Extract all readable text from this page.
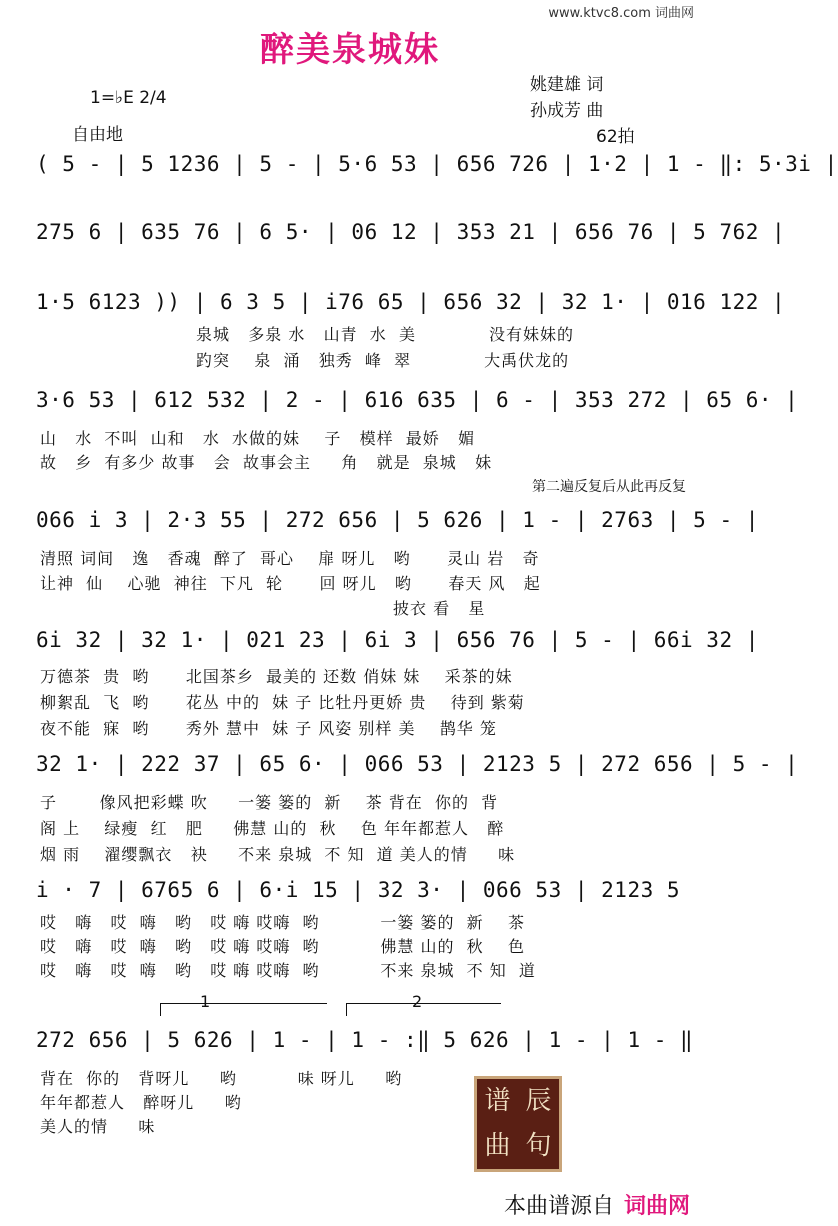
www.ktvc8.com 词曲网
醉美泉城妹
1=♭E 2/4
自由地
姚建雄 词
孙成芳 曲
62拍
( 5 - | 5 1236 | 5 - | 5·6 53 | 656 726 | 1·2 | 1 - ‖: 5·3i |
275 6 | 635 76 | 6 5· | 06 12 | 353 21 | 656 76 | 5 762 |
1·5 6123 )) | 6 3 5 | i76 65 | 656 32 | 32 1· | 016 122 |
泉城   多泉 水   山青  水  美            没有妹妹的
趵突    泉  涌   独秀  峰  翠            大禹伏龙的
3·6 53 | 612 532 | 2 - | 616 635 | 6 - | 353 272 | 65 6· |
山   水  不叫  山和   水  水做的妹    子   模样  最娇   媚
故   乡  有多少 故事   会  故事会主     角   就是  泉城   妹
第二遍反复后从此再反复
066 i 3 | 2·3 55 | 272 656 | 5 626 | 1 - | 2763 | 5 - |
清照 词间   逸   香魂  醉了  哥心    扉 呀儿   哟      灵山 岩   奇
让神  仙    心驰  神往  下凡  轮      回 呀儿   哟      春天 风   起
披衣 看   星
6i 32 | 32 1· | 021 23 | 6i 3 | 656 76 | 5 - | 66i 32 |
万德茶  贵  哟      北国茶乡  最美的 还数 俏妹 妹    采茶的妹
柳絮乱  飞  哟      花丛 中的  妹 子 比牡丹更娇 贵    待到 紫菊
夜不能  寐  哟      秀外 慧中  妹 子 风姿 别样 美    鹊华 笼
32 1· | 222 37 | 65 6· | 066 53 | 2123 5 | 272 656 | 5 - |
子       像风把彩蝶 吹     一篓 篓的  新    茶 背在  你的  背
阁 上    绿瘦  红   肥     佛慧 山的  秋    色 年年都惹人   醉
烟 雨    濯缨飘衣   袂     不来 泉城  不 知  道 美人的情     味
i · 7 | 6765 6 | 6·i 15 | 32 3· | 066 53 | 2123 5
哎   嗨   哎  嗨   哟   哎 嗨 哎嗨  哟          一篓 篓的  新    茶
哎   嗨   哎  嗨   哟   哎 嗨 哎嗨  哟          佛慧 山的  秋    色
哎   嗨   哎  嗨   哟   哎 嗨 哎嗨  哟          不来 泉城  不 知  道
1	2
272 656 | 5 626 | 1 - | 1 - :‖ 5 626 | 1 - | 1 - ‖
背在  你的   背呀儿     哟          味 呀儿     哟
年年都惹人   醉呀儿     哟
美人的情     味
谱 辰
曲 句
本曲谱源自 词曲网
